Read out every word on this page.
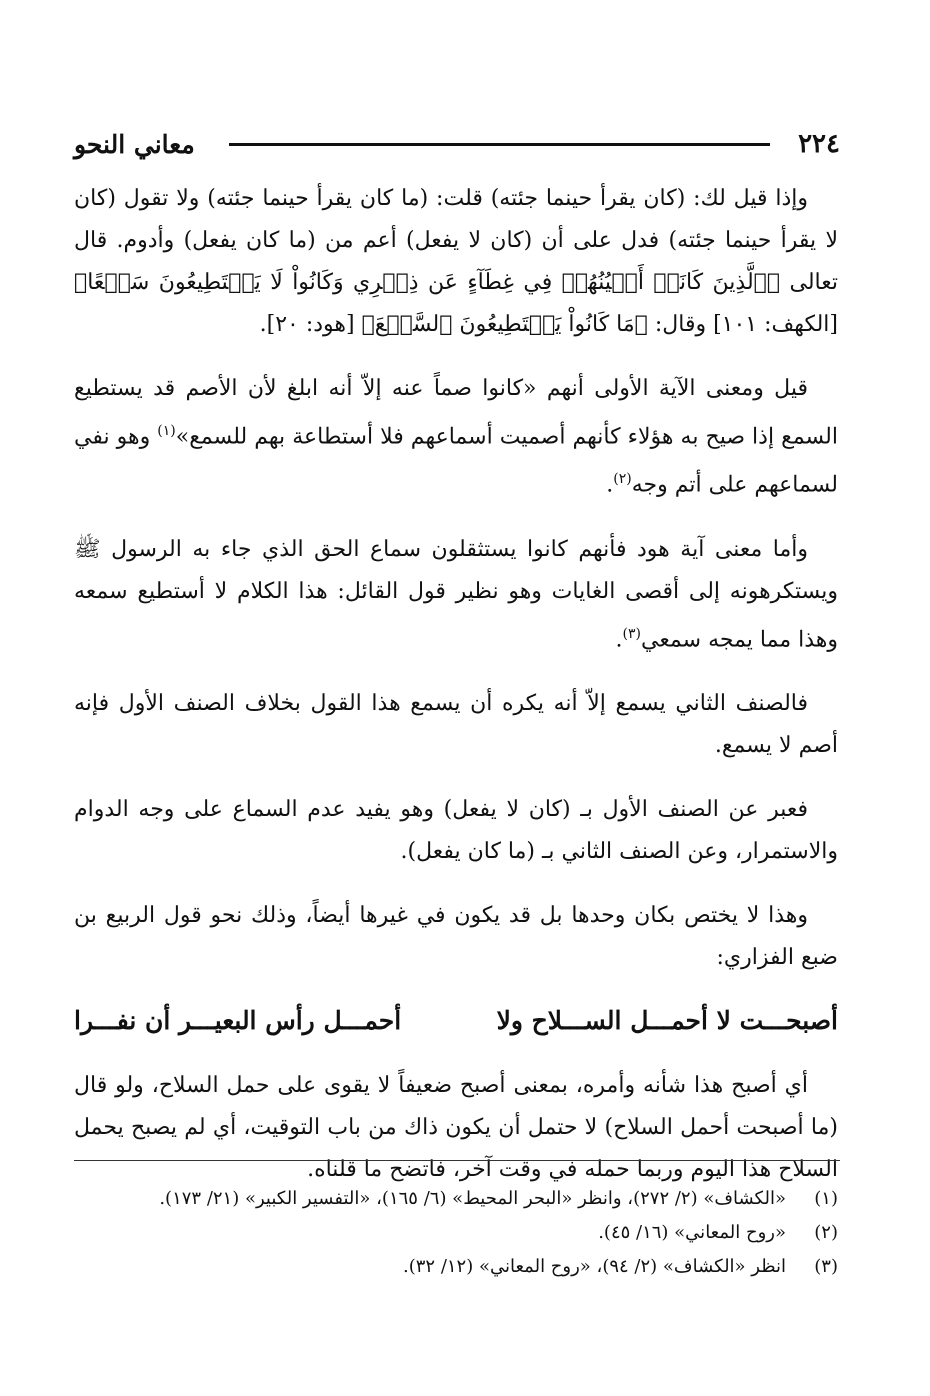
٢٢٤
معاني النحو

وإذا قيل لك: (كان يقرأ حينما جئته) قلت: (ما كان يقرأ حينما جئته) ولا تقول (كان لا يقرأ حينما جئته) فدل على أن (كان لا يفعل) أعم من (ما كان يفعل) وأدوم. قال تعالى ﴿ٱلَّذِينَ كَانَتۡ أَعۡيُنُهُمۡ فِي غِطَآءٍ عَن ذِكۡرِي وَكَانُواْ لَا يَسۡتَطِيعُونَ سَمۡعًا﴾ [الكهف: ١٠١] وقال: ﴿مَا كَانُواْ يَسۡتَطِيعُونَ ٱلسَّمۡعَ﴾ [هود: ٢٠].

قيل ومعنى الآية الأولى أنهم «كانوا صماً عنه إلاّ أنه ابلغ لأن الأصم قد يستطيع السمع إذا صيح به هؤلاء كأنهم أصميت أسماعهم فلا أستطاعة بهم للسمع»$^{(١)}$ وهو نفي لسماعهم على أتم وجه$^{(٢)}$.

وأما معنى آية هود فأنهم كانوا يستثقلون سماع الحق الذي جاء به الرسول ﷺ ويستكرهونه إلى أقصى الغايات وهو نظير قول القائل: هذا الكلام لا أستطيع سمعه وهذا مما يمجه سمعي$^{(٣)}$.

فالصنف الثاني يسمع إلاّ أنه يكره أن يسمع هذا القول بخلاف الصنف الأول فإنه أصم لا يسمع.

فعبر عن الصنف الأول بـ (كان لا يفعل) وهو يفيد عدم السماع على وجه الدوام والاستمرار، وعن الصنف الثاني بـ (ما كان يفعل).

وهذا لا يختص بكان وحدها بل قد يكون في غيرها أيضاً، وذلك نحو قول الربيع بن ضبع الفزاري:

أصبحـــت لا أحمـــل الســـلاح ولا
أحمـــل رأس البعيـــر أن نفـــرا

أي أصبح هذا شأنه وأمره، بمعنى أصبح ضعيفاً لا يقوى على حمل السلاح، ولو قال (ما أصبحت أحمل السلاح) لا حتمل أن يكون ذاك من باب التوقيت، أي لم يصبح يحمل السلاح هذا اليوم وربما حمله في وقت آخر، فاتضح ما قلناه.

(١)
«الكشاف» (٢/ ٢٧٢)، وانظر «البحر المحيط» (٦/ ١٦٥)، «التفسير الكبير» (٢١/ ١٧٣).
(٢)
«روح المعاني» (١٦/ ٤٥).
(٣)
انظر «الكشاف» (٢/ ٩٤)، «روح المعاني» (١٢/ ٣٢).
